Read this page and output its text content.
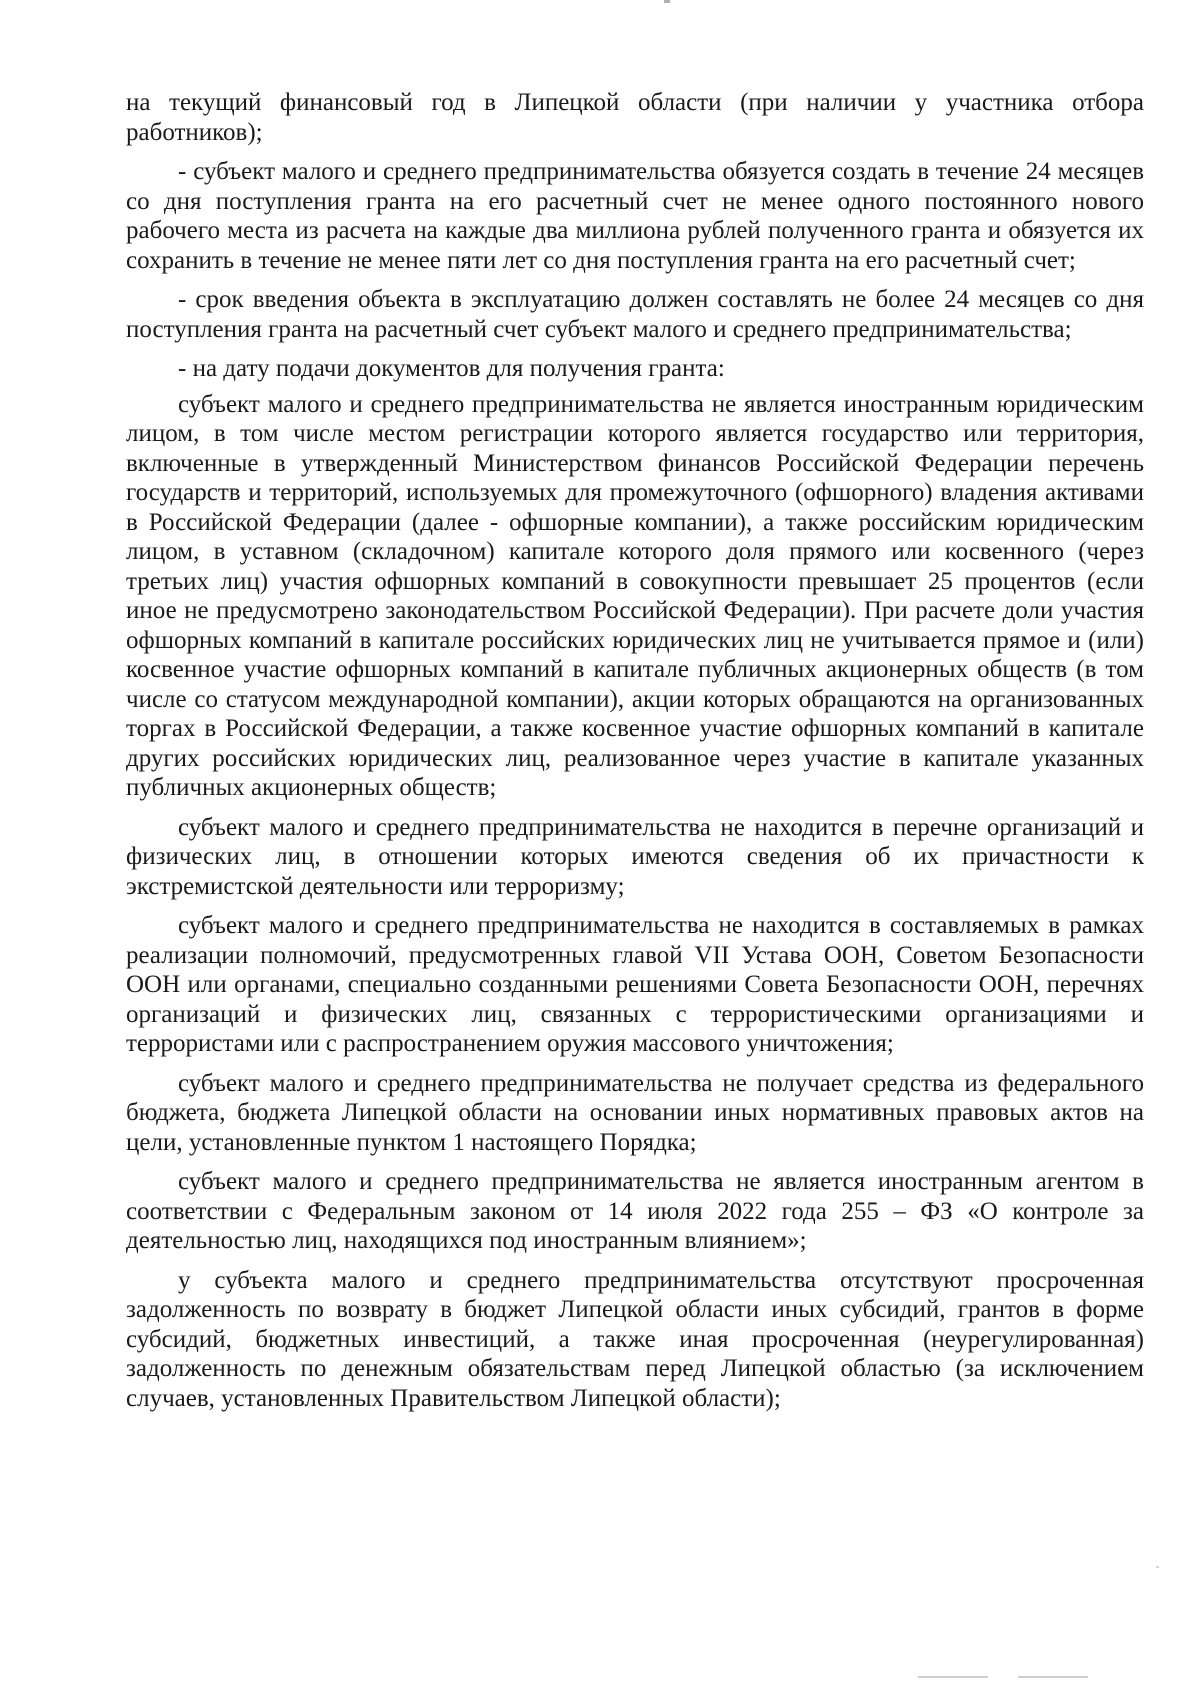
на текущий финансовый год в Липецкой области (при наличии у участника отбора работников);

- субъект малого и среднего предпринимательства обязуется создать в течение 24 месяцев со дня поступления гранта на его расчетный счет не менее одного постоянного нового рабочего места из расчета на каждые два миллиона рублей полученного гранта и обязуется их сохранить в течение не менее пяти лет со дня поступления гранта на его расчетный счет;

- срок введения объекта в эксплуатацию должен составлять не более 24 месяцев со дня поступления гранта на расчетный счет субъект малого и среднего предпринимательства;

- на дату подачи документов для получения гранта:

субъект малого и среднего предпринимательства не является иностранным юридическим лицом, в том числе местом регистрации которого является государство или территория, включенные в утвержденный Министерством финансов Российской Федерации перечень государств и территорий, используемых для промежуточного (офшорного) владения активами в Российской Федерации (далее - офшорные компании), а также российским юридическим лицом, в уставном (складочном) капитале которого доля прямого или косвенного (через третьих лиц) участия офшорных компаний в совокупности превышает 25 процентов (если иное не предусмотрено законодательством Российской Федерации). При расчете доли участия офшорных компаний в капитале российских юридических лиц не учитывается прямое и (или) косвенное участие офшорных компаний в капитале публичных акционерных обществ (в том числе со статусом международной компании), акции которых обращаются на организованных торгах в Российской Федерации, а также косвенное участие офшорных компаний в капитале других российских юридических лиц, реализованное через участие в капитале указанных публичных акционерных обществ;

субъект малого и среднего предпринимательства не находится в перечне организаций и физических лиц, в отношении которых имеются сведения об их причастности к экстремистской деятельности или терроризму;

субъект малого и среднего предпринимательства не находится в составляемых в рамках реализации полномочий, предусмотренных главой VII Устава ООН, Советом Безопасности ООН или органами, специально созданными решениями Совета Безопасности ООН, перечнях организаций и физических лиц, связанных с террористическими организациями и террористами или с распространением оружия массового уничтожения;

субъект малого и среднего предпринимательства не получает средства из федерального бюджета, бюджета Липецкой области на основании иных нормативных правовых актов на цели, установленные пунктом 1 настоящего Порядка;

субъект малого и среднего предпринимательства не является иностранным агентом в соответствии с Федеральным законом от 14 июля 2022 года 255 – ФЗ «О контроле за деятельностью лиц, находящихся под иностранным влиянием»;

у субъекта малого и среднего предпринимательства отсутствуют просроченная задолженность по возврату в бюджет Липецкой области иных субсидий, грантов в форме субсидий, бюджетных инвестиций, а также иная просроченная (неурегулированная) задолженность по денежным обязательствам перед Липецкой областью (за исключением случаев, установленных Правительством Липецкой области);
